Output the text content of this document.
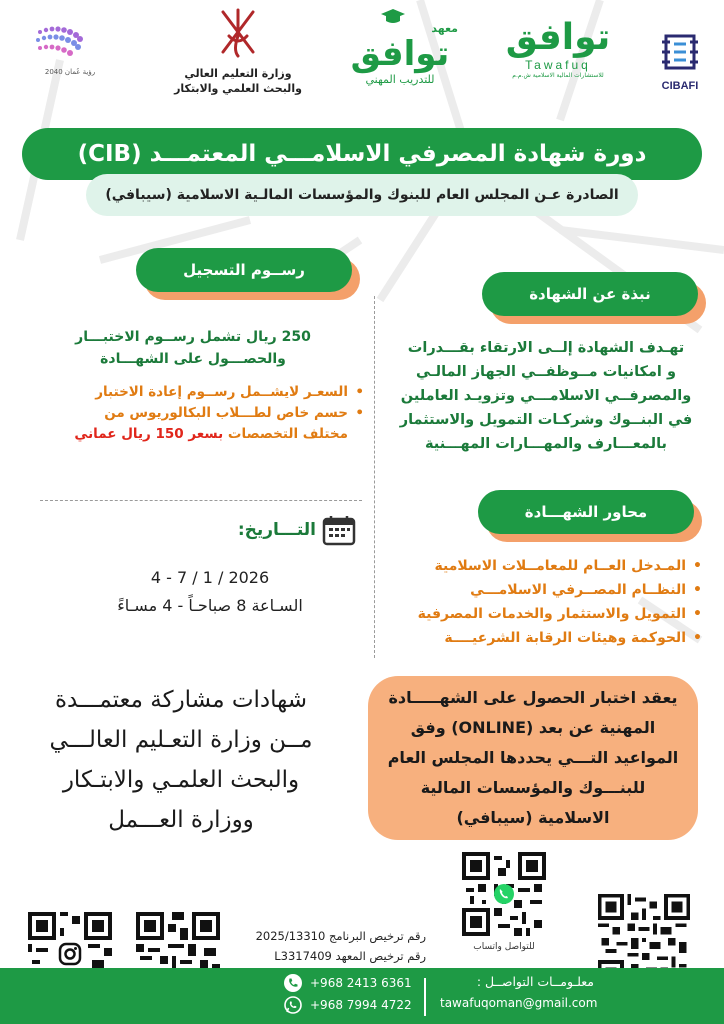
CIBAFI
توافق
Tawafuq
للاستشارات المالية الاسلامية ش.م.م
معهد
توافق
للتدريب المهني
وزارة التعليم العالي
والبحث العلمي والابتكار
رؤية عُمان 2040
دورة شهادة المصرفي الاسلامـــي المعتمـــد (CIB)
الصادرة عـن المجلس العام للبنوك والمؤسسات المالـية الاسلامية (سيبافي)
رســوم التسجيل
250 ريال تشمل رســوم الاختبـــار
والحصـــول على الشهـــادة
• السعـر لايشــمل رســوم إعادة الاختبار
• حسم خاص لطـــلاب البكالوريوس من
مختلف التخصصات بسعر 150 ريال عماني
نبذة عن الشهادة
تهـدف الشهادة إلــى الارتقاء بقـــدرات
و امكانيات مــوظفــي الجهاز المالـي
والمصرفــي الاسلامـــي وتزويـد العاملين
في البنــوك وشركـات التمويل والاستثمار
بالمعـــارف والمهـــارات المهـــنية
محاور الشهـــادة
• المـدخل العــام للمعامــلات الاسلامية
• النظــام المصــرفي الاسلامـــي
• التمويل والاستثمار والخدمات المصرفية
• الحوكمة وهيئات الرقابة الشرعيــــة
التـــاريخ:
4 - 7 / 1 / 2026
السـاعة 8 صباحـاً - 4 مسـاءً
شهادات مشاركة معتمـــدة
مــن وزارة التعـليم العالـــي
والبحث العلمـي والابتـكار
ووزارة العـــمل
يعقد اختبار الحصول على الشهـــــادة المهنية عن بعد (ONLINE) وفق المواعيد التـــي يحددها المجلس العام للبنـــوك والمؤسسات المالية الاسلامية (سيبافي)
للتواصل واتساب
رقم ترخيص البرنامج 2025/13310
رقم ترخيص المعهد L3317409
معلـومــات التواصــل :
tawafuqoman@gmail.com
+968 2413 6361
+968 7994 4722
